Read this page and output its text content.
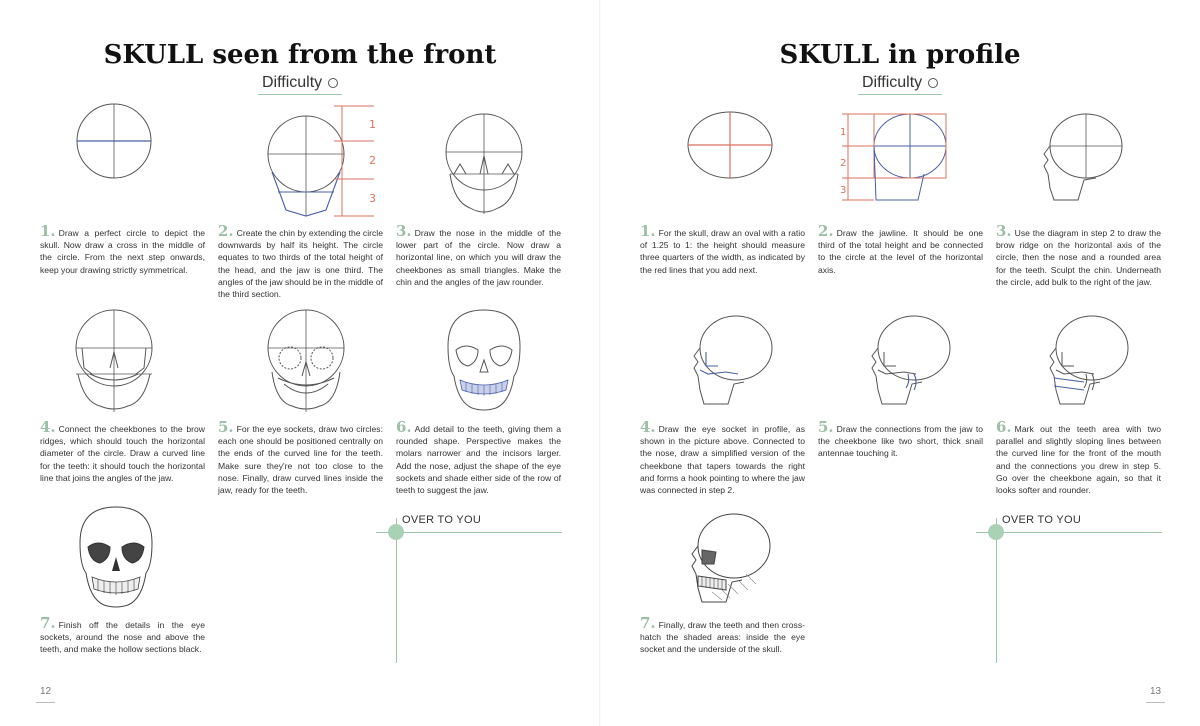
SKULL seen from the front
Difficulty
1
2
3
1. Draw a perfect circle to depict the skull. Now draw a cross in the middle of the circle. From the next step onwards, keep your drawing strictly symmetrical.
2. Create the chin by extending the circle downwards by half its height. The circle equates to two thirds of the total height of the head, and the jaw is one third. The angles of the jaw should be in the middle of the third section.
3. Draw the nose in the middle of the lower part of the circle. Now draw a horizontal line, on which you will draw the cheekbones as small triangles. Make the chin and the angles of the jaw rounder.
4. Connect the cheekbones to the brow ridges, which should touch the horizontal diameter of the circle. Draw a curved line for the teeth: it should touch the horizontal line that joins the angles of the jaw.
5. For the eye sockets, draw two circles: each one should be positioned centrally on the ends of the curved line for the teeth. Make sure they're not too close to the nose. Finally, draw curved lines inside the jaw, ready for the teeth.
6. Add detail to the teeth, giving them a rounded shape. Perspective makes the molars narrower and the incisors larger. Add the nose, adjust the shape of the eye sockets and shade either side of the row of teeth to suggest the jaw.
7. Finish off the details in the eye sockets, around the nose and above the teeth, and make the hollow sections black.
OVER TO YOU
12
SKULL in profile
Difficulty
1
2
3
1. For the skull, draw an oval with a ratio of 1.25 to 1: the height should measure three quarters of the width, as indicated by the red lines that you add next.
2. Draw the jawline. It should be one third of the total height and be connected to the circle at the level of the horizontal axis.
3. Use the diagram in step 2 to draw the brow ridge on the horizontal axis of the circle, then the nose and a rounded area for the teeth. Sculpt the chin. Underneath the circle, add bulk to the right of the jaw.
4. Draw the eye socket in profile, as shown in the picture above. Connected to the nose, draw a simplified version of the cheekbone that tapers towards the right and forms a hook pointing to where the jaw was connected in step 2.
5. Draw the connections from the jaw to the cheekbone like two short, thick snail antennae touching it.
6. Mark out the teeth area with two parallel and slightly sloping lines between the curved line for the front of the mouth and the connections you drew in step 5. Go over the cheekbone again, so that it looks softer and rounder.
7. Finally, draw the teeth and then cross-hatch the shaded areas: inside the eye socket and the underside of the skull.
OVER TO YOU
13
